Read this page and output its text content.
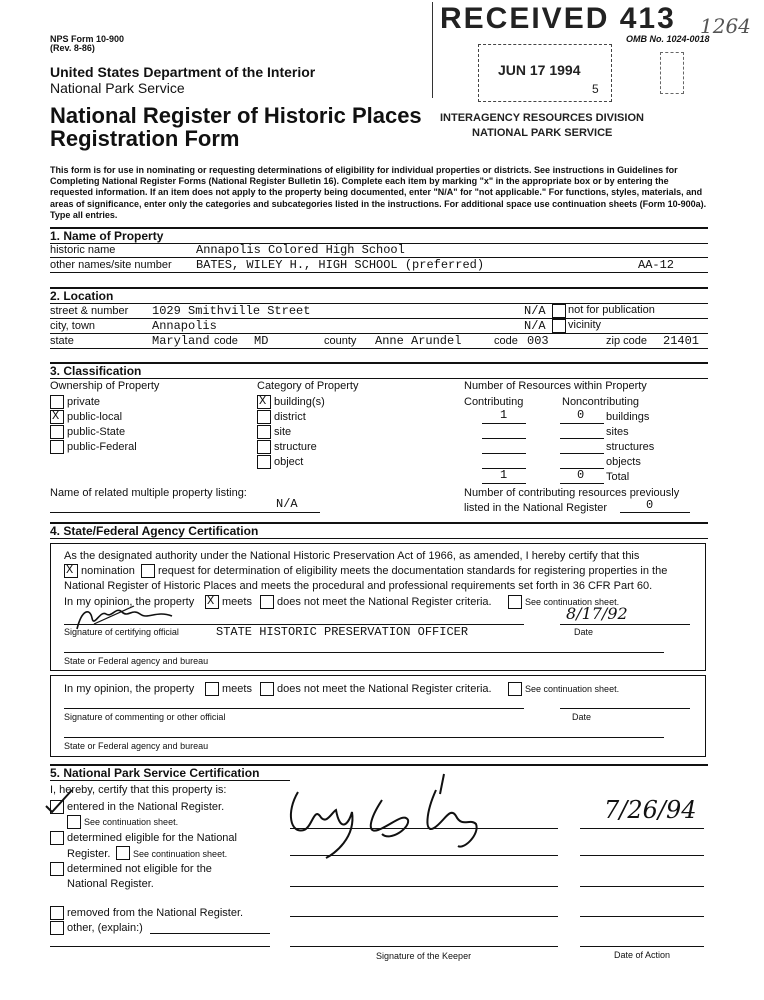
NPS Form 10-900
(Rev. 8-86)
OMB No. 1024-0018
United States Department of the Interior
National Park Service
National Register of Historic Places
Registration Form
RECEIVED 413
JUN 17 1994
5
INTERAGENCY RESOURCES DIVISION
NATIONAL PARK SERVICE
1264
This form is for use in nominating or requesting determinations of eligibility for individual properties or districts. See instructions in Guidelines for Completing National Register Forms (National Register Bulletin 16). Complete each item by marking "x" in the appropriate box or by entering the requested information. If an item does not apply to the property being documented, enter "N/A" for "not applicable." For functions, styles, materials, and areas of significance, enter only the categories and subcategories listed in the instructions. For additional space use continuation sheets (Form 10-900a). Type all entries.
1. Name of Property
historic name	Annapolis Colored High School
other names/site number BATES, WILEY H., HIGH SCHOOL (preferred)	AA-12
2. Location
street & number 1029 Smithville Street	N/A not for publication
city, town	Annapolis	N/A vicinity
state	Maryland code MD	county Anne Arundel	code 003	zip code 21401
3. Classification
Ownership of Property
private
X public-local
public-State
public-Federal
Category of Property
X building(s)
district
site
structure
object
Number of Resources within Property
Contributing	Noncontributing
1	0 buildings
sites
structures
objects
1	0 Total
Name of related multiple property listing:
N/A
Number of contributing resources previously
listed in the National Register	0
4. State/Federal Agency Certification
As the designated authority under the National Historic Preservation Act of 1966, as amended, I hereby certify that this
X nomination request for determination of eligibility meets the documentation standards for registering properties in the
National Register of Historic Places and meets the procedural and professional requirements set forth in 36 CFR Part 60.
In my opinion, the property X meets does not meet the National Register criteria.	See continuation sheet.
Signature of certifying official	STATE HISTORIC PRESERVATION OFFICER
8/17/92
Date
State or Federal agency and bureau
In my opinion, the property	meets does not meet the National Register criteria.	See continuation sheet.
Signature of commenting or other official	Date
State or Federal agency and bureau
5. National Park Service Certification
I, hereby, certify that this property is:
entered in the National Register.
See continuation sheet.
determined eligible for the National
Register.	See continuation sheet.
determined not eligible for the
National Register.
removed from the National Register.
other, (explain:)
7/26/94
Signature of the Keeper	Date of Action
